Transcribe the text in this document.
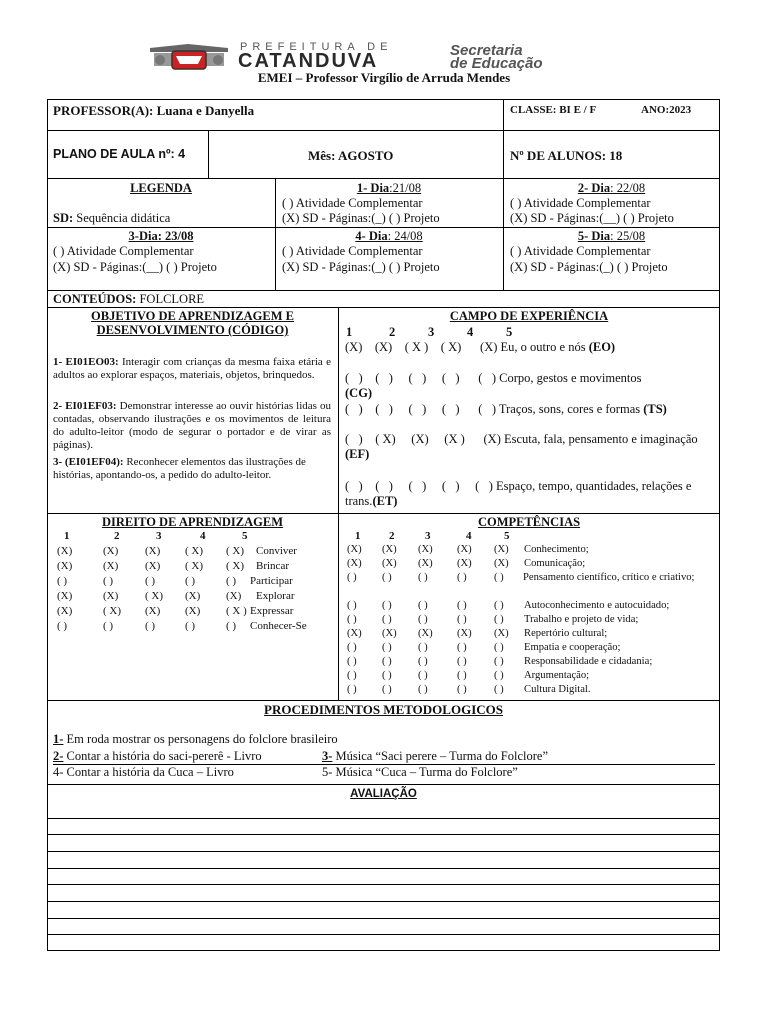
PREFEITURA DE
CATANDUVA	Secretaria
de Educação
EMEI – Professor Virgílio de Arruda Mendes
PROFESSOR(A): Luana e Danyella	CLASSE: BI E / F	ANO:2023
PLANO DE AULA nº: 4	Mês: AGOSTO	Nº DE ALUNOS: 18
LEGENDA
SD: Sequência didática
1- Dia:21/08
( ) Atividade Complementar
(X) SD - Páginas:(_) ( ) Projeto
2- Dia: 22/08
( ) Atividade Complementar
(X) SD - Páginas:(__) ( ) Projeto
3-Dia: 23/08
( ) Atividade Complementar
(X) SD - Páginas:(__) ( ) Projeto
4- Dia: 24/08
( ) Atividade Complementar
(X) SD - Páginas:(_) ( ) Projeto
5- Dia: 25/08
( ) Atividade Complementar
(X) SD - Páginas:(_) ( ) Projeto
CONTEÚDOS: FOLCLORE
OBJETIVO DE APRENDIZAGEM E
DESENVOLVIMENTO (CÓDIGO)
1- EI01EO03: Interagir com crianças da mesma faixa etária e adultos ao explorar espaços, materiais, objetos, brinquedos.
2- EI01EF03: Demonstrar interesse ao ouvir histórias lidas ou contadas, observando ilustrações e os movimentos de leitura do adulto-leitor (modo de segurar o portador e de virar as páginas).
3- (EI01EF04): Reconhecer elementos das ilustrações de histórias, apontando-os, a pedido do adulto-leitor.
CAMPO DE EXPERIÊNCIA
1	2	3	4	5
(X)    (X)    ( X )    ( X)      (X) Eu, o outro e nós (EO)
(   )    (   )     (   )     (   )      (   ) Corpo, gestos e movimentos
(CG)
(   )    (   )     (   )     (   )      (   ) Traços, sons, cores e formas (TS)
(   )    ( X)     (X)     (X )      (X) Escuta, fala, pensamento e imaginação (EF)
(   )    (   )     (   )     (   )     (   ) Espaço, tempo, quantidades, relações e trans.(ET)
DIREITO DE APRENDIZAGEM
1	2	3	4	5
(X)	(X) (X) ( X) ( X) Conviver
(X)	(X) (X) ( X) ( X) Brincar
( )	( )	( )	( )	( ) Participar
(X)	(X) ( X) (X) (X) Explorar
(X)	( X) (X) (X) ( X ) Expressar
( )	( )	( )	( )	( ) Conhecer-Se
COMPETÊNCIAS
1	2	3	4	5
(X) (X) (X) (X) (X) Conhecimento;
(X) (X) (X) (X) (X) Comunicação;
( ) ( ) ( )	( )	( )	Pensamento científico, crítico e criativo;
( ) ( ) ( )	( )	( ) Autoconhecimento e autocuidado;
( ) ( ) ( )	( )	( ) Trabalho e projeto de vida;
(X) (X) (X) (X) (X) Repertório cultural;
( ) ( ) ( )	( )	( ) Empatia e cooperação;
( ) ( ) ( )	( )	( ) Responsabilidade e cidadania;
( ) ( ) ( )	( )	( ) Argumentação;
( ) ( ) ( )	( )	( ) Cultura Digital.
PROCEDIMENTOS METODOLOGICOS
1- Em roda mostrar os personagens do folclore brasileiro
2- Contar a história do saci-pererê - Livro	3- Música “Saci perere – Turma do Folclore”
4- Contar a história da Cuca – Livro	5- Música “Cuca – Turma do Folclore”
AVALIAÇÃO
